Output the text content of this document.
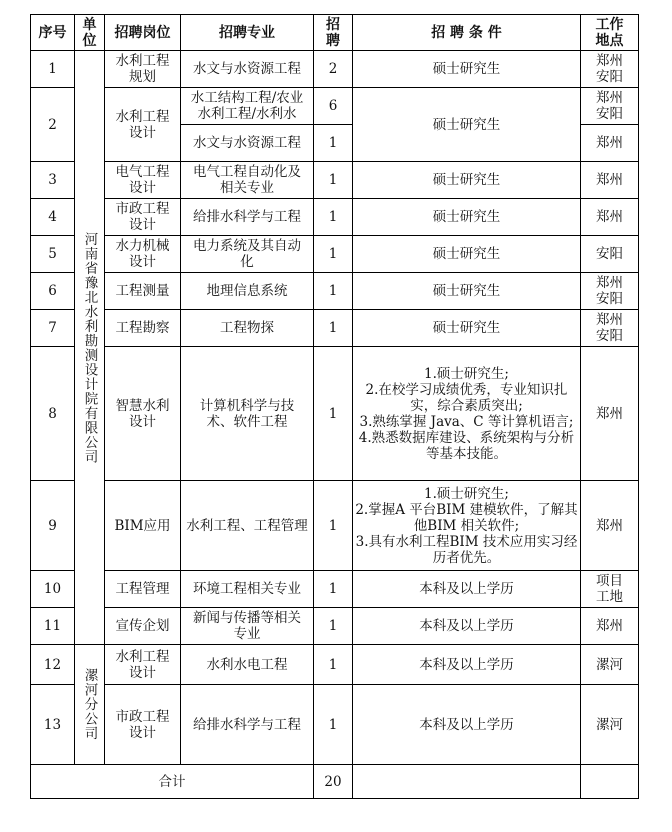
序号	单位	招聘岗位	招聘专业	招聘	招 聘 条 件	工作地点
1	河南省豫北水利勘测设计院有限公司	水利工程规划	水文与水资源工程	2	硕士研究生	郑州安阳
2		水利工程设计	水工结构工程/农业水利工程/水利水	6	硕士研究生	郑州安阳
			水文与水资源工程	1		郑州
3		电气工程设计	电气工程自动化及相关专业	1	硕士研究生	郑州
4		市政工程设计	给排水科学与工程	1	硕士研究生	郑州
5		水力机械设计	电力系统及其自动化	1	硕士研究生	安阳
6		工程测量	地理信息系统	1	硕士研究生	郑州安阳
7		工程勘察	工程物探	1	硕士研究生	郑州安阳
8		智慧水利设计	计算机科学与技术、软件工程	1	1.硕士研究生;
2.在校学习成绩优秀，专业知识扎实，综合素质突出;
3.熟练掌握 Java、C 等计算机语言;
4.熟悉数据库建设、系统架构与分析等基本技能。	郑州
9		BIM应用	水利工程、工程管理	1	1.硕士研究生;
2.掌握A 平台BIM 建模软件，了解其他BIM 相关软件;
3.具有水利工程BIM 技术应用实习经历者优先。	郑州
10		工程管理	环境工程相关专业	1	本科及以上学历	项目工地
11		宣传企划	新闻与传播等相关专业	1	本科及以上学历	郑州
12	漯河分公司	水利工程设计	水利水电工程	1	本科及以上学历	漯河
13		市政工程设计	给排水科学与工程	1	本科及以上学历	漯河
合计				20		
